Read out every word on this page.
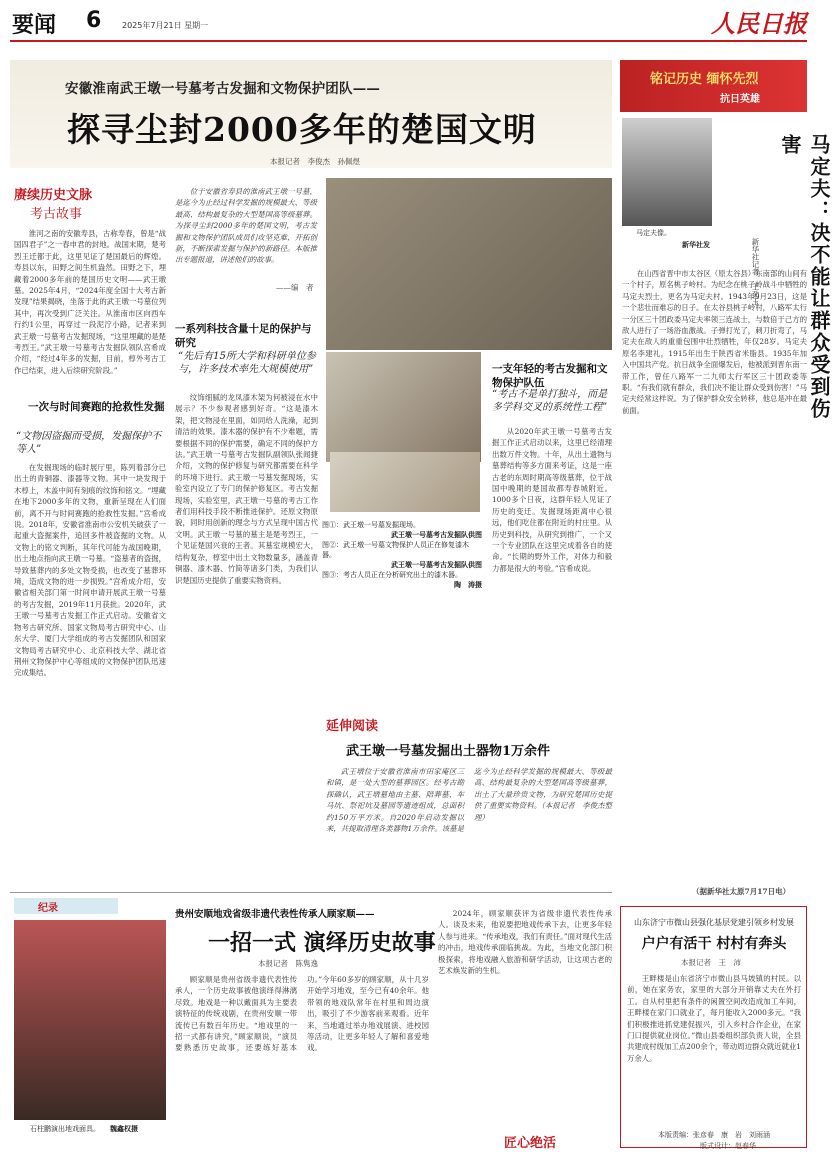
要闻 6	2025年7月21日 星期一	人民日报
安徽淮南武王墩一号墓考古发掘和文物保护团队——
探寻尘封2000多年的楚国文明
本报记者　李俊杰　孙佩煜
赓续历史文脉
考古故事
淮河之南的安徽寿县，古称寿春，曾是“战国四君子”之一春申君的封地。战国末期，楚考烈王迁都于此，这里见证了楚国最后的辉煌。寿县以东，田野之间生机盎然。田野之下，埋藏着2000多年前的楚国历史文明——武王墩墓。2025年4月，“2024年度全国十大考古新发现”结果揭晓，坐落于此的武王墩一号墓位列其中，再次受到广泛关注。从淮南市区向西车行约1公里，再穿过一段泥泞小路，记者来到武王墩一号墓考古发掘现场，“这里埋藏的是楚考烈王。”武王墩一号墓考古发掘队领队宫希成介绍，“经过4年多的发掘，目前，椁外考古工作已结束，进入后续研究阶段。”
一次与时间赛跑的抢救性发掘
“文物因盗掘而受损，发掘保护不等人”
在发掘现场的临时展厅里，陈列着部分已出土的青铜器、漆器等文物。其中一块发现于木椁上，木盖中间有刻痕的纹饰和铭文。“埋藏在地下2000多年的文物，重新呈现在人们面前，离不开与时间赛跑的抢救性发掘。”宫希成说。2018年，安徽省淮南市公安机关破获了一起重大盗掘案件，追回多件被盗掘的文物。从文物上的铭文判断，其年代可能为战国晚期，出土地点指向武王墩一号墓。“盗墓者的盗掘，导致墓葬内的多处文物受损，也改变了墓葬环境，造成文物的进一步损毁。”宫希成介绍，安徽省相关部门第一时间申请开展武王墩一号墓的考古发掘，2019年11月获批。2020年，武王墩一号墓考古发掘工作正式启动。安徽省文物考古研究所、国家文物局考古研究中心、山东大学、厦门大学组成的考古发掘团队和国家文物局考古研究中心、北京科技大学、湖北省荆州文物保护中心等组成的文物保护团队迅速完成集结。
位于安徽省寿县的淮南武王墩一号墓，是迄今为止经过科学发掘的规模最大、等级最高、结构最复杂的大型楚国高等级墓葬。为探寻尘封2000多年的楚国文明，考古发掘和文物保护团队成员们攻坚克难、开拓创新，不断探索发掘与保护的新路径。本版推出专题报道，讲述他们的故事。
——编　者
一系列科技含量十足的保护与研究
“先后有15所大学和科研单位参与，许多技术率先大规模使用”
纹饰细腻的龙凤漆木架为何被浸在水中展示？不少参观者感到好奇。“这是漆木架，把文物浸在里面，如同给人洗澡，起到清洁的效果。漆木器的保护有不少难题，需要根据不同的保护需要，确定不同的保护方法。”武王墩一号墓考古发掘队副领队张闻捷介绍，文物的保护修复与研究都需要在科学的环境下进行。武王墩一号墓发掘现场，实验室内设立了专门的保护修复区。考古发掘现场，实验室里，武王墩一号墓的考古工作者们用科技手段不断推进保护。还原文物原貌，同时用创新的理念与方式呈现中国古代文明。武王墩一号墓的墓主是楚考烈王，一个见证楚国兴衰的王者。其墓室规模宏大，结构复杂，椁室中出土文物数量多，涵盖青铜器、漆木器、竹简等诸多门类，为我们认识楚国历史提供了重要实物资料。
图①：武王墩一号墓发掘现场。
武王墩一号墓考古发掘队供图
图②：武王墩一号墓文物保护人员正在修复漆木器。
武王墩一号墓考古发掘队供图
图③：考古人员正在分析研究出土的漆木器。
陶　涛摄
一支年轻的考古发掘和文物保护队伍
“考古不是单打独斗，而是多学科交叉的系统性工程”
从2020年武王墩一号墓考古发掘工作正式启动以来，这里已经清理出数万件文物。十年，从出土遗物与墓葬结构等多方面来考证，这是一座古老的东周时期高等级墓葬，位于战国中晚期的楚国故都寿春城附近。1000多个日夜，这群年轻人见证了历史的变迁。发掘现场距离中心很远，他们吃住都在附近的村庄里。从历史到科技，从研究到推广，一个又一个专业团队在这里完成着各自的使命。“长期的野外工作，对体力和毅力都是很大的考验。”宫希成说。
延伸阅读
武王墩一号墓发掘出土器物1万余件
武王墩位于安徽省淮南市田家庵区三和镇，是一处大型的墓葬园区。经考古勘探确认，武王墩墓地由主墓、陪葬墓、车马坑、祭祀坑及墓园等遗迹组成，总面积约150万平方米。自2020年启动发掘以来，共提取清理各类器物1万余件。该墓是迄今为止经科学发掘的规模最大、等级最高、结构最复杂的大型楚国高等级墓葬，出土了大量珍贵文物，为研究楚国历史提供了重要实物资料。（本报记者　李俊杰整理）
铭记历史 缅怀先烈
抗日英雄
马定夫像。
新华社发	马定夫：决不能让群众受到伤害
新华社记者　王劲玉
在山西省晋中市太谷区（原太谷县）东南部的山间有一个村子，原名桃子岭村。为纪念在桃子岭战斗中牺牲的马定夫烈士，更名为马定夫村。1943年9月23日，这是一个悲壮而难忘的日子。在太谷县桃子岭村，八路军太行一分区三十团政委马定夫率领三连战士，与数倍于己方的敌人进行了一场浴血激战。子弹打光了，刺刀折弯了，马定夫在敌人的重重包围中壮烈牺牲，年仅28岁。马定夫原名李建礼，1915年出生于陕西省米脂县。1935年加入中国共产党。抗日战争全面爆发后，他被派到晋东南一带工作，曾任八路军一二九师太行军区三十团政委等职。“有我们就有群众，我们决不能让群众受到伤害！”马定夫经常这样说。为了保护群众安全转移，他总是冲在最前面。
（据新华社太原7月17日电）
山东济宁市微山县强化基层党建引领乡村发展
户户有活干 村村有奔头
本报记者　王　沛
王畔楼是山东省济宁市微山县马坡镇的村民。以前，她在家务农，家里的大部分开销靠丈夫在外打工。自从村里把有条件的闲置空间改造成加工车间，王畔楼在家门口就业了，每月能收入2000多元。“我们积极推进抓党建促振兴，引入乡村合作企业，在家门口提供就业岗位。”微山县委组织部负责人说，全县共建成村级加工点200余个，带动周边群众就近就业1万余人。
纪录
石柱鹏演出地戏面具。 魏鑫权摄
贵州安顺地戏省级非遗代表性传承人顾家顺——
一招一式 演绎历史故事
本报记者　陈隽逸
顾家顺是贵州省级非遗代表性传承人，一个历史故事被他演绎得淋漓尽致。地戏是一种以戴面具为主要表演特征的传统戏剧，在贵州安顺一带流传已有数百年历史。“地戏里的一招一式都有讲究，”顾家顺说，“演员要熟悉历史故事，还要练好基本功。”今年60多岁的顾家顺，从十几岁开始学习地戏，至今已有40余年。他带领的地戏队常年在村里和周边演出，吸引了不少游客前来观看。近年来，当地通过举办地戏展演、进校园等活动，让更多年轻人了解和喜爱地戏。
2024年，顾家顺获评为省级非遗代表性传承人。谈及未来，他说要把地戏传承下去，让更多年轻人参与进来。“传承地戏，我们有责任。”面对现代生活的冲击，地戏传承面临挑战。为此，当地文化部门积极探索，将地戏融入旅游和研学活动，让这项古老的艺术焕发新的生机。
匠心绝活
本版责编：张彦春　康　岩　刘雨涵
版式设计：赵春华
